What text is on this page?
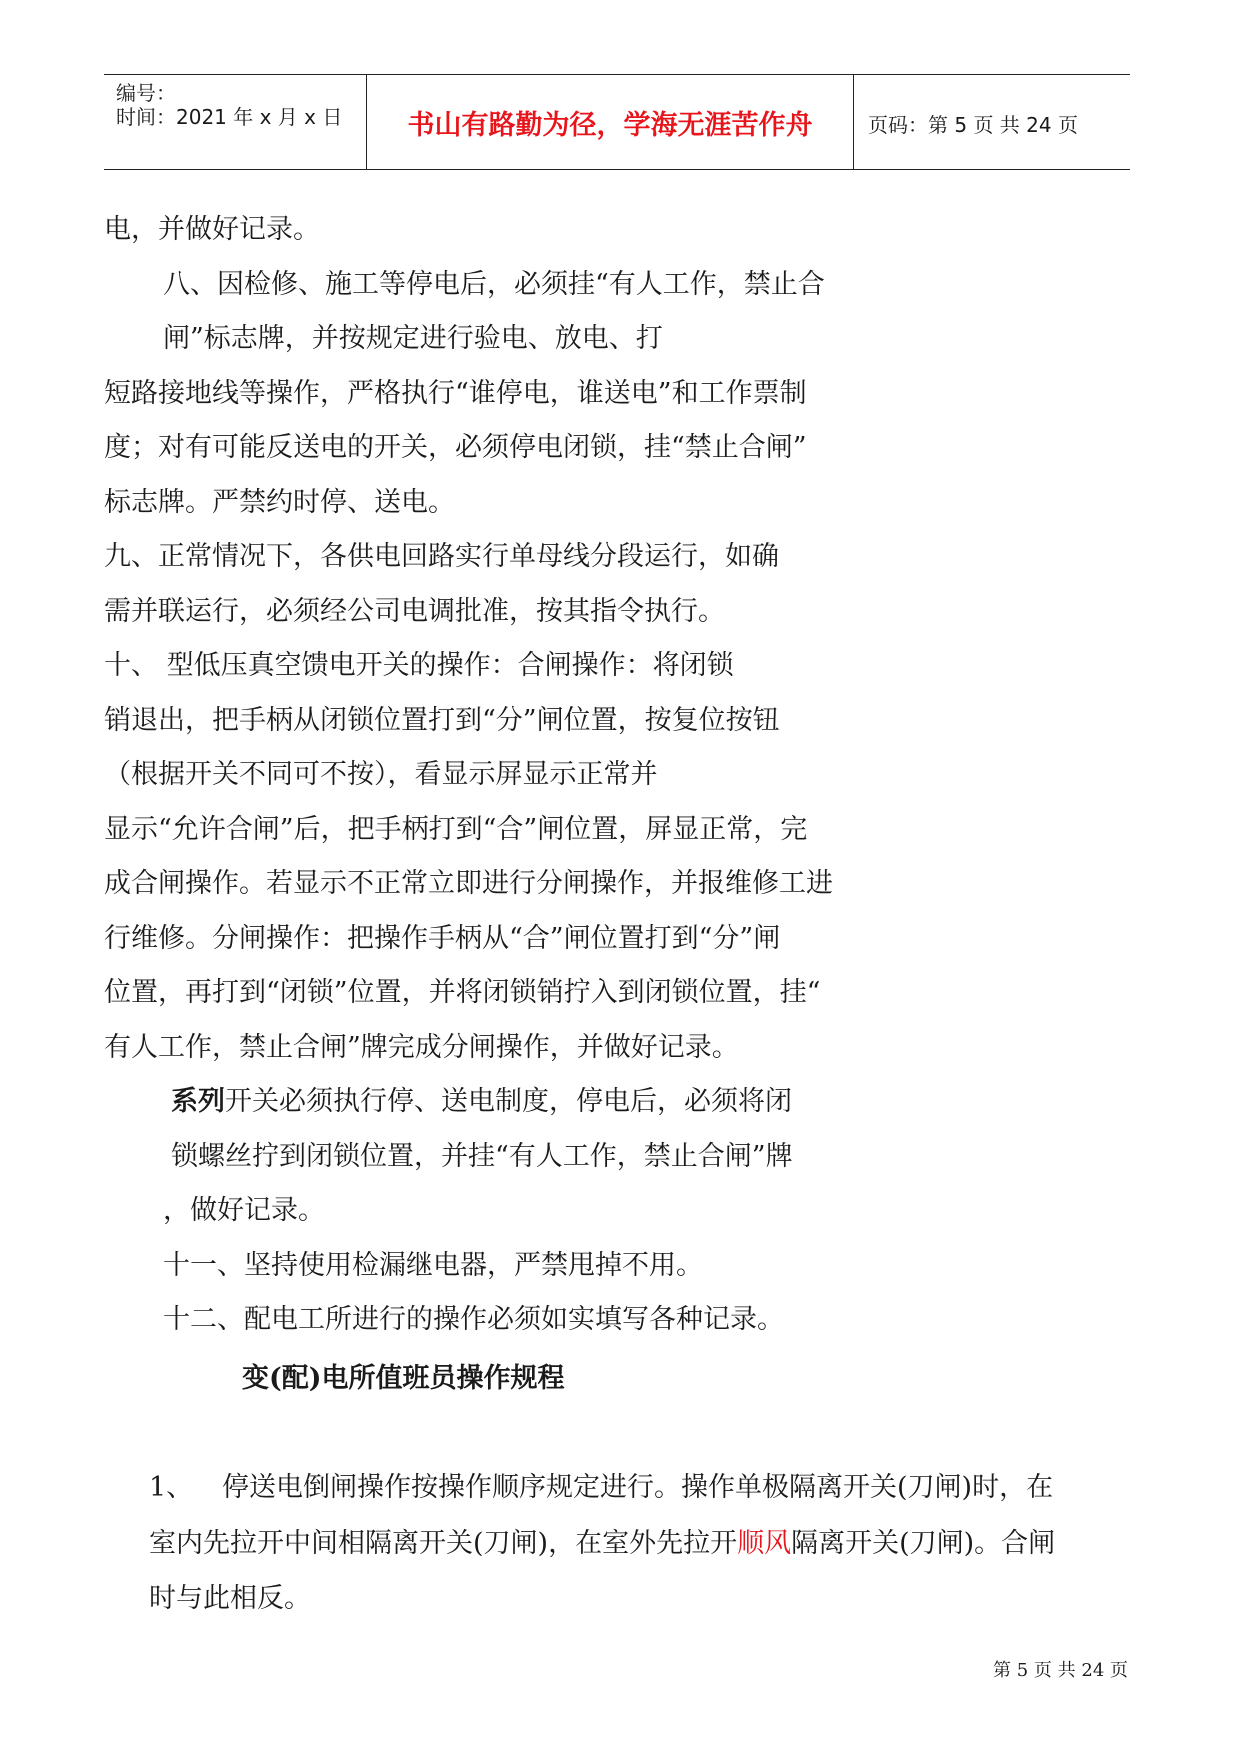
编号：
时间：2021 年 x 月 x 日	书山有路勤为径，学海无涯苦作舟	页码：第 5 页 共 24 页
电，并做好记录。
八、因检修、施工等停电后，必须挂“有人工作，禁止合
闸”标志牌，并按规定进行验电、放电、打
短路接地线等操作，严格执行“谁停电，谁送电”和工作票制
度；对有可能反送电的开关，必须停电闭锁，挂“禁止合闸”
标志牌。严禁约时停、送电。
九、正常情况下，各供电回路实行单母线分段运行，如确
需并联运行，必须经公司电调批准，按其指令执行。
十、 型低压真空馈电开关的操作：合闸操作：将闭锁
销退出，把手柄从闭锁位置打到“分”闸位置，按复位按钮
（根据开关不同可不按），看显示屏显示正常并
显示“允许合闸”后，把手柄打到“合”闸位置，屏显正常，完
成合闸操作。若显示不正常立即进行分闸操作，并报维修工进
行维修。分闸操作：把操作手柄从“合”闸位置打到“分”闸
位置，再打到“闭锁”位置，并将闭锁销拧入到闭锁位置，挂“
有人工作，禁止合闸”牌完成分闸操作，并做好记录。
系列开关必须执行停、送电制度，停电后，必须将闭
锁螺丝拧到闭锁位置，并挂“有人工作，禁止合闸”牌
，做好记录。
十一、坚持使用检漏继电器，严禁甩掉不用。
十二、配电工所进行的操作必须如实填写各种记录。
变(配)电所值班员操作规程
1、 停送电倒闸操作按操作顺序规定进行。操作单极隔离开关(刀闸)时，在
室内先拉开中间相隔离开关(刀闸)，在室外先拉开顺风隔离开关(刀闸)。合闸
时与此相反。
第 5 页 共 24 页
